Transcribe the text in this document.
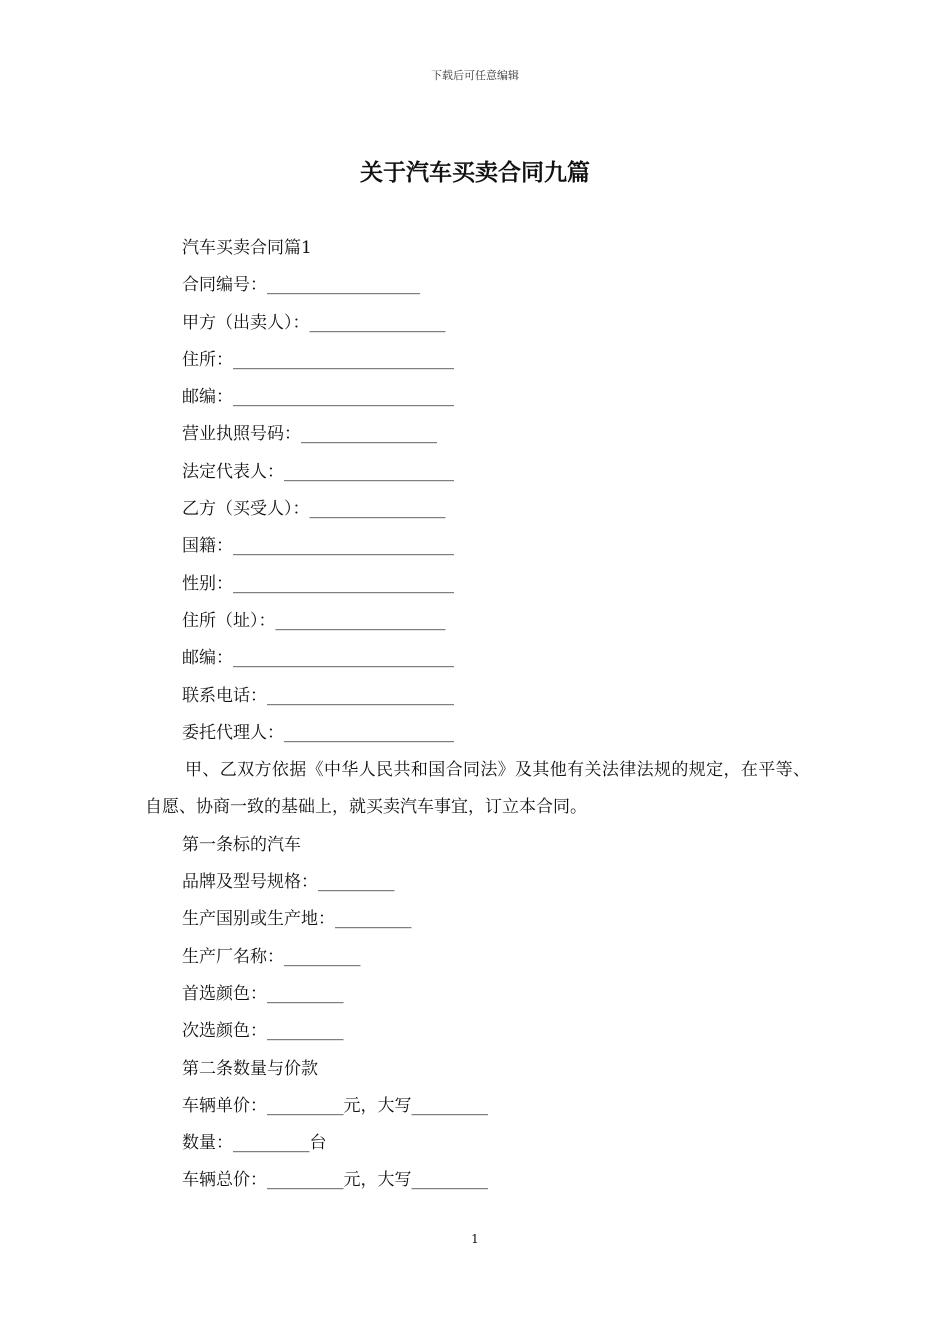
下载后可任意编辑
关于汽车买卖合同九篇
汽车买卖合同篇1
合同编号：__________________
甲方（出卖人）：________________
住所：__________________________
邮编：__________________________
营业执照号码：________________
法定代表人：____________________
乙方（买受人）：________________
国籍：__________________________
性别：__________________________
住所（址）：____________________
邮编：__________________________
联系电话：______________________
委托代理人：____________________
甲、乙双方依据《中华人民共和国合同法》及其他有关法律法规的规定，在平等、自愿、协商一致的基础上，就买卖汽车事宜，订立本合同。
第一条标的汽车
品牌及型号规格：_________
生产国别或生产地：_________
生产厂名称：_________
首选颜色：_________
次选颜色：_________
第二条数量与价款
车辆单价：_________元，大写_________
数量：_________台
车辆总价：_________元，大写_________
1
